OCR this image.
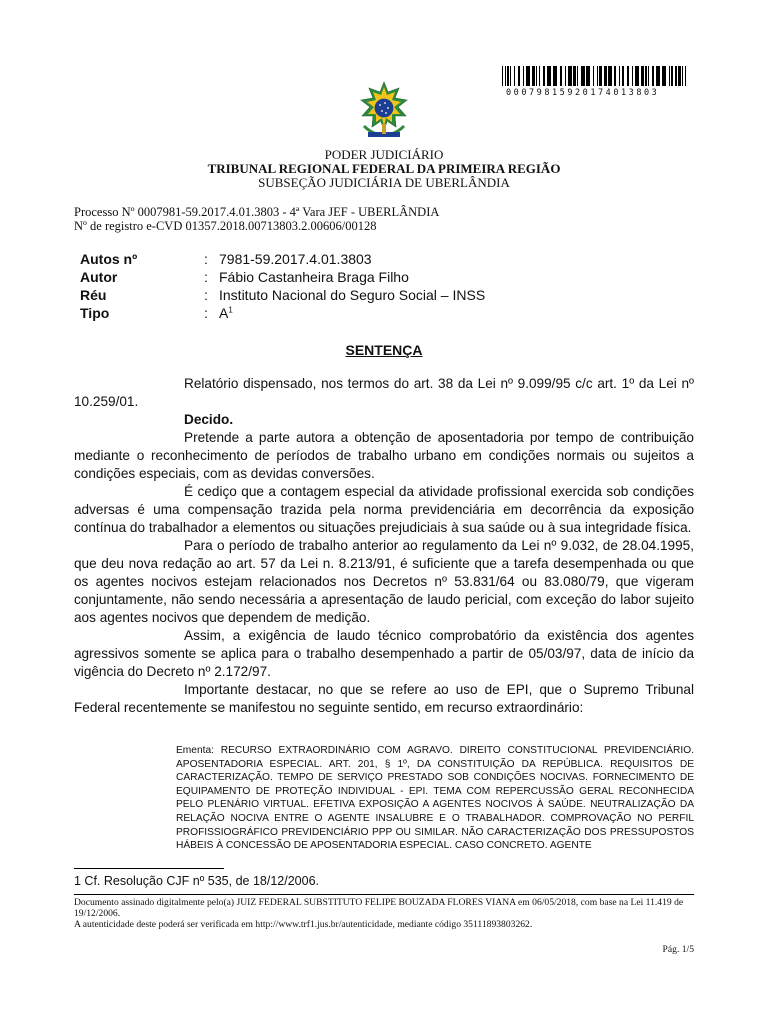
00079815920174013803
PODER JUDICIÁRIO
TRIBUNAL REGIONAL FEDERAL DA PRIMEIRA REGIÃO
SUBSEÇÃO JUDICIÁRIA DE UBERLÂNDIA
Processo Nº 0007981-59.2017.4.01.3803 - 4ª Vara JEF - UBERLÂNDIA
Nº de registro e-CVD 01357.2018.00713803.2.00606/00128
Autos nº	: 7981-59.2017.4.01.3803
Autor	: Fábio Castanheira Braga Filho
Réu	: Instituto Nacional do Seguro Social – INSS
Tipo	: $A^1$
SENTENÇA

Relatório dispensado, nos termos do art. 38 da Lei nº 9.099/95 c/c art. 1º da Lei nº 10.259/01.

Decido.

Pretende a parte autora a obtenção de aposentadoria por tempo de contribuição mediante o reconhecimento de períodos de trabalho urbano em condições normais ou sujeitos a condições especiais, com as devidas conversões.

É cediço que a contagem especial da atividade profissional exercida sob condições adversas é uma compensação trazida pela norma previdenciária em decorrência da exposição contínua do trabalhador a elementos ou situações prejudiciais à sua saúde ou à sua integridade física.

Para o período de trabalho anterior ao regulamento da Lei nº 9.032, de 28.04.1995, que deu nova redação ao art. 57 da Lei n. 8.213/91, é suficiente que a tarefa desempenhada ou que os agentes nocivos estejam relacionados nos Decretos nº 53.831/64 ou 83.080/79, que vigeram conjuntamente, não sendo necessária a apresentação de laudo pericial, com exceção do labor sujeito aos agentes nocivos que dependem de medição.

Assim, a exigência de laudo técnico comprobatório da existência dos agentes agressivos somente se aplica para o trabalho desempenhado a partir de 05/03/97, data de início da vigência do Decreto nº 2.172/97.

Importante destacar, no que se refere ao uso de EPI, que o Supremo Tribunal Federal recentemente se manifestou no seguinte sentido, em recurso extraordinário:

Ementa: RECURSO EXTRAORDINÁRIO COM AGRAVO. DIREITO CONSTITUCIONAL PREVIDENCIÁRIO. APOSENTADORIA ESPECIAL. ART. 201, § 1º, DA CONSTITUIÇÃO DA REPÚBLICA. REQUISITOS DE CARACTERIZAÇÃO. TEMPO DE SERVIÇO PRESTADO SOB CONDIÇÕES NOCIVAS. FORNECIMENTO DE EQUIPAMENTO DE PROTEÇÃO INDIVIDUAL - EPI. TEMA COM REPERCUSSÃO GERAL RECONHECIDA PELO PLENÁRIO VIRTUAL. EFETIVA EXPOSIÇÃO A AGENTES NOCIVOS À SAÚDE. NEUTRALIZAÇÃO DA RELAÇÃO NOCIVA ENTRE O AGENTE INSALUBRE E O TRABALHADOR. COMPROVAÇÃO NO PERFIL PROFISSIOGRÁFICO PREVIDENCIÁRIO PPP OU SIMILAR. NÃO CARACTERIZAÇÃO DOS PRESSUPOSTOS HÁBEIS À CONCESSÃO DE APOSENTADORIA ESPECIAL. CASO CONCRETO. AGENTE
1 Cf. Resolução CJF nº 535, de 18/12/2006.
Documento assinado digitalmente pelo(a) JUIZ FEDERAL SUBSTITUTO FELIPE BOUZADA FLORES VIANA em 06/05/2018, com base na Lei 11.419 de 19/12/2006.
A autenticidade deste poderá ser verificada em http://www.trf1.jus.br/autenticidade, mediante código 35111893803262.
Pág. 1/5
